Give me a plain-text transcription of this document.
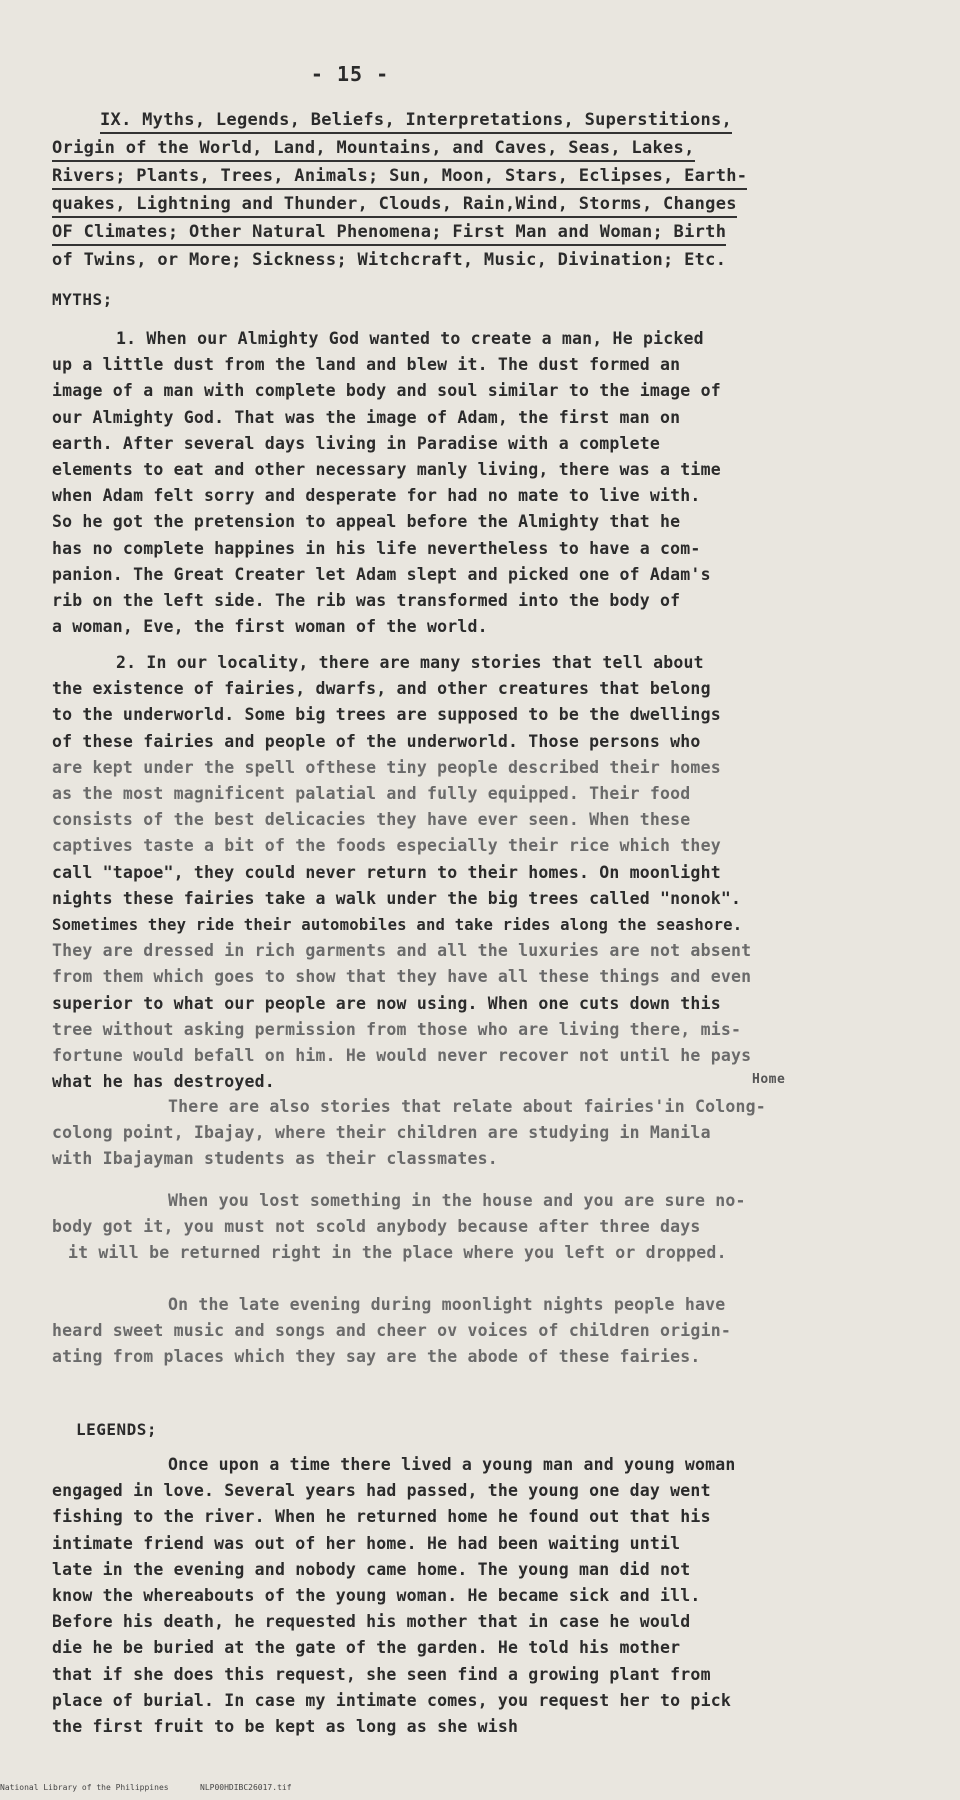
- 15 -
IX. Myths, Legends, Beliefs, Interpretations, Superstitions,
Origin of the World, Land, Mountains, and Caves, Seas, Lakes,
Rivers; Plants, Trees, Animals; Sun, Moon, Stars, Eclipses, Earth-
quakes, Lightning and Thunder, Clouds, Rain,Wind, Storms, Changes
OF Climates; Other Natural Phenomena; First Man and Woman; Birth
of Twins, or More; Sickness; Witchcraft, Music, Divination; Etc.
MYTHS;
1. When our Almighty God wanted to create a man, He picked
up a little dust from the land and blew it. The dust formed an
image of a man with complete body and soul similar to the image of
our Almighty God. That was the image of Adam, the first man on
earth. After several days living in Paradise with a complete
elements to eat and other necessary manly living, there was a time
when Adam felt sorry and desperate for had no mate to live with.
So he got the pretension to appeal before the Almighty that he
has no complete happines in his life nevertheless to have a com-
panion. The Great Creater let Adam slept and picked one of Adam's
rib on the left side. The rib was transformed into the body of
a woman, Eve, the first woman of the world.
2. In our locality, there are many stories that tell about
the existence of fairies, dwarfs, and other creatures that belong
to the underworld. Some big trees are supposed to be the dwellings
of these fairies and people of the underworld. Those persons who
are kept under the spell ofthese tiny people described their homes
as the most magnificent palatial and fully equipped. Their food
consists of the best delicacies they have ever seen. When these
captives taste a bit of the foods especially their rice which they
call "tapoe", they could never return to their homes. On moonlight
nights these fairies take a walk under the big trees called "nonok".
Sometimes they ride their automobiles and take rides along the seashore.
They are dressed in rich garments and all the luxuries are not absent
from them which goes to show that they have all these things and even
superior to what our people are now using. When one cuts down this
tree without asking permission from those who are living there, mis-
fortune would befall on him. He would never recover not until he pays
what he has destroyed.	Home
There are also stories that relate about fairies'in Colong-
colong point, Ibajay, where their children are studying in Manila
with Ibajayman students as their classmates.
When you lost something in the house and you are sure no-
body got it, you must not scold anybody because after three days
it will be returned right in the place where you left or dropped.
On the late evening during moonlight nights people have
heard sweet music and songs and cheer ov voices of children origin-
ating from places which they say are the abode of these fairies.
LEGENDS;
Once upon a time there lived a young man and young woman
engaged in love. Several years had passed, the young one day went
fishing to the river. When he returned home he found out that his
intimate friend was out of her home. He had been waiting until
late in the evening and nobody came home. The young man did not
know the whereabouts of the young woman. He became sick and ill.
Before his death, he requested his mother that in case he would
die he be buried at the gate of the garden. He told his mother
that if she does this request, she seen find a growing plant from
place of burial. In case my intimate comes, you request her to pick
the first fruit to be kept as long as she wish
National Library of the Philippines	NLP00HDIBC26017.tif
